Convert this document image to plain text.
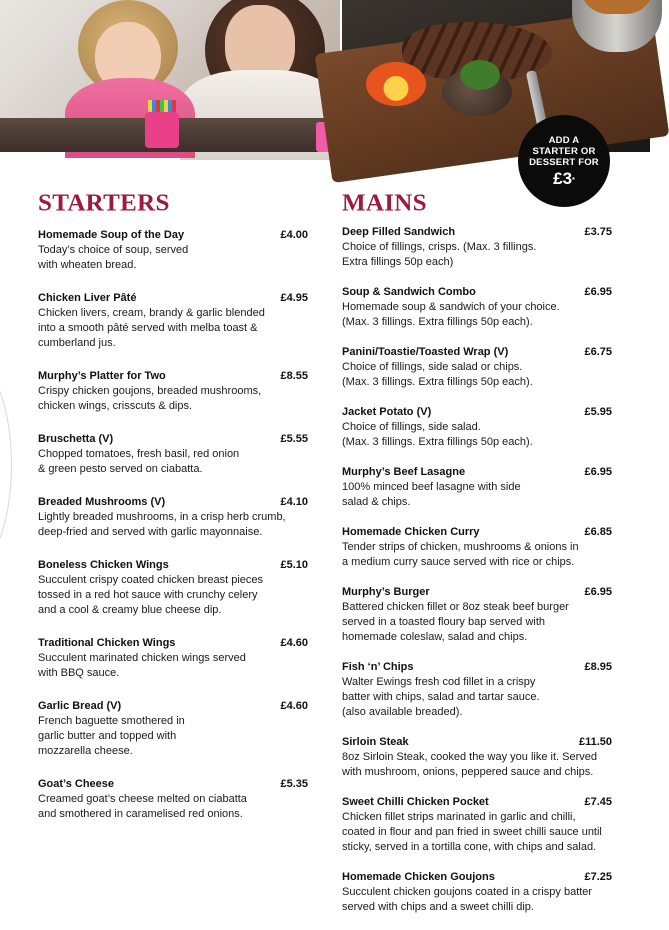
ADD A
STARTER OR
DESSERT FOR
£3*
STARTERS
Homemade Soup of the Day	£4.00
Today’s choice of soup, served
with wheaten bread.
Chicken Liver Pâté	£4.95
Chicken livers, cream, brandy & garlic blended
into a smooth pâté served with melba toast &
cumberland jus.
Murphy’s Platter for Two	£8.55
Crispy chicken goujons, breaded mushrooms,
chicken wings, crisscuts & dips.
Bruschetta (V)	£5.55
Chopped tomatoes, fresh basil, red onion
& green pesto served on ciabatta.
Breaded Mushrooms (V)	£4.10
Lightly breaded mushrooms, in a crisp herb crumb,
deep-fried and served with garlic mayonnaise.
Boneless Chicken Wings	£5.10
Succulent crispy coated chicken breast pieces
tossed in a red hot sauce with crunchy celery
and a cool & creamy blue cheese dip.
Traditional Chicken Wings	£4.60
Succulent marinated chicken wings served
with BBQ sauce.
Garlic Bread (V)	£4.60
French baguette smothered in
garlic butter and topped with
mozzarella cheese.
Goat’s Cheese	£5.35
Creamed goat’s cheese melted on ciabatta
and smothered in caramelised red onions.
MAINS
Deep Filled Sandwich	£3.75
Choice of fillings, crisps. (Max. 3 fillings.
Extra fillings 50p each)
Soup & Sandwich Combo	£6.95
Homemade soup & sandwich of your choice.
(Max. 3 fillings. Extra fillings 50p each).
Panini/Toastie/Toasted Wrap (V)	£6.75
Choice of fillings, side salad or chips.
(Max. 3 fillings. Extra fillings 50p each).
Jacket Potato (V)	£5.95
Choice of fillings, side salad.
(Max. 3 fillings. Extra fillings 50p each).
Murphy’s Beef Lasagne	£6.95
100% minced beef lasagne with side
salad & chips.
Homemade Chicken Curry	£6.85
Tender strips of chicken, mushrooms & onions in
a medium curry sauce served with rice or chips.
Murphy’s Burger	£6.95
Battered chicken fillet or 8oz steak beef burger
served in a toasted floury bap served with
homemade coleslaw, salad and chips.
Fish ‘n’ Chips	£8.95
Walter Ewings fresh cod fillet in a crispy
batter with chips, salad and tartar sauce.
(also available breaded).
Sirloin Steak	£11.50
8oz Sirloin Steak, cooked the way you like it. Served
with mushroom, onions, peppered sauce and chips.
Sweet Chilli Chicken Pocket	£7.45
Chicken fillet strips marinated in garlic and chilli,
coated in flour and pan fried in sweet chilli sauce until
sticky, served in a tortilla cone, with chips and salad.
Homemade Chicken Goujons	£7.25
Succulent chicken goujons coated in a crispy batter
served with chips and a sweet chilli dip.
